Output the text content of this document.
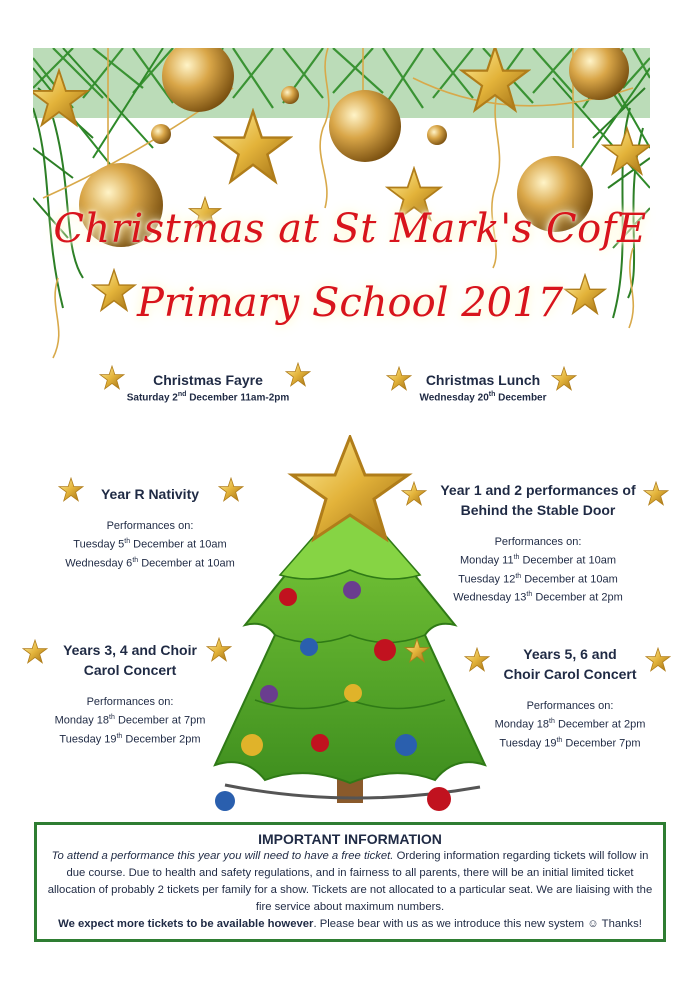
Christmas at St Mark's CofE
Primary School 2017
Christmas Fayre
Saturday 2nd December 11am-2pm
Christmas Lunch
Wednesday 20th December
Year R Nativity
Performances on:
Tuesday 5th December at 10am
Wednesday 6th December at 10am
Year 1 and 2 performances of
Behind the Stable Door
Performances on:
Monday 11th December at 10am
Tuesday 12th December at 10am
Wednesday 13th December at 2pm
Years 3, 4 and Choir
Carol Concert
Performances on:
Monday 18th December at 7pm
Tuesday 19th December 2pm
Years 5, 6 and
Choir Carol Concert
Performances on:
Monday 18th December at 2pm
Tuesday 19th December 7pm
IMPORTANT INFORMATION
To attend a performance this year you will need to have a free ticket. Ordering information regarding tickets will follow in due course. Due to health and safety regulations, and in fairness to all parents, there will be an initial limited ticket allocation of probably 2 tickets per family for a show. Tickets are not allocated to a particular seat. We are liaising with the fire service about maximum numbers.
We expect more tickets to be available however. Please bear with us as we introduce this new system ☺ Thanks!
